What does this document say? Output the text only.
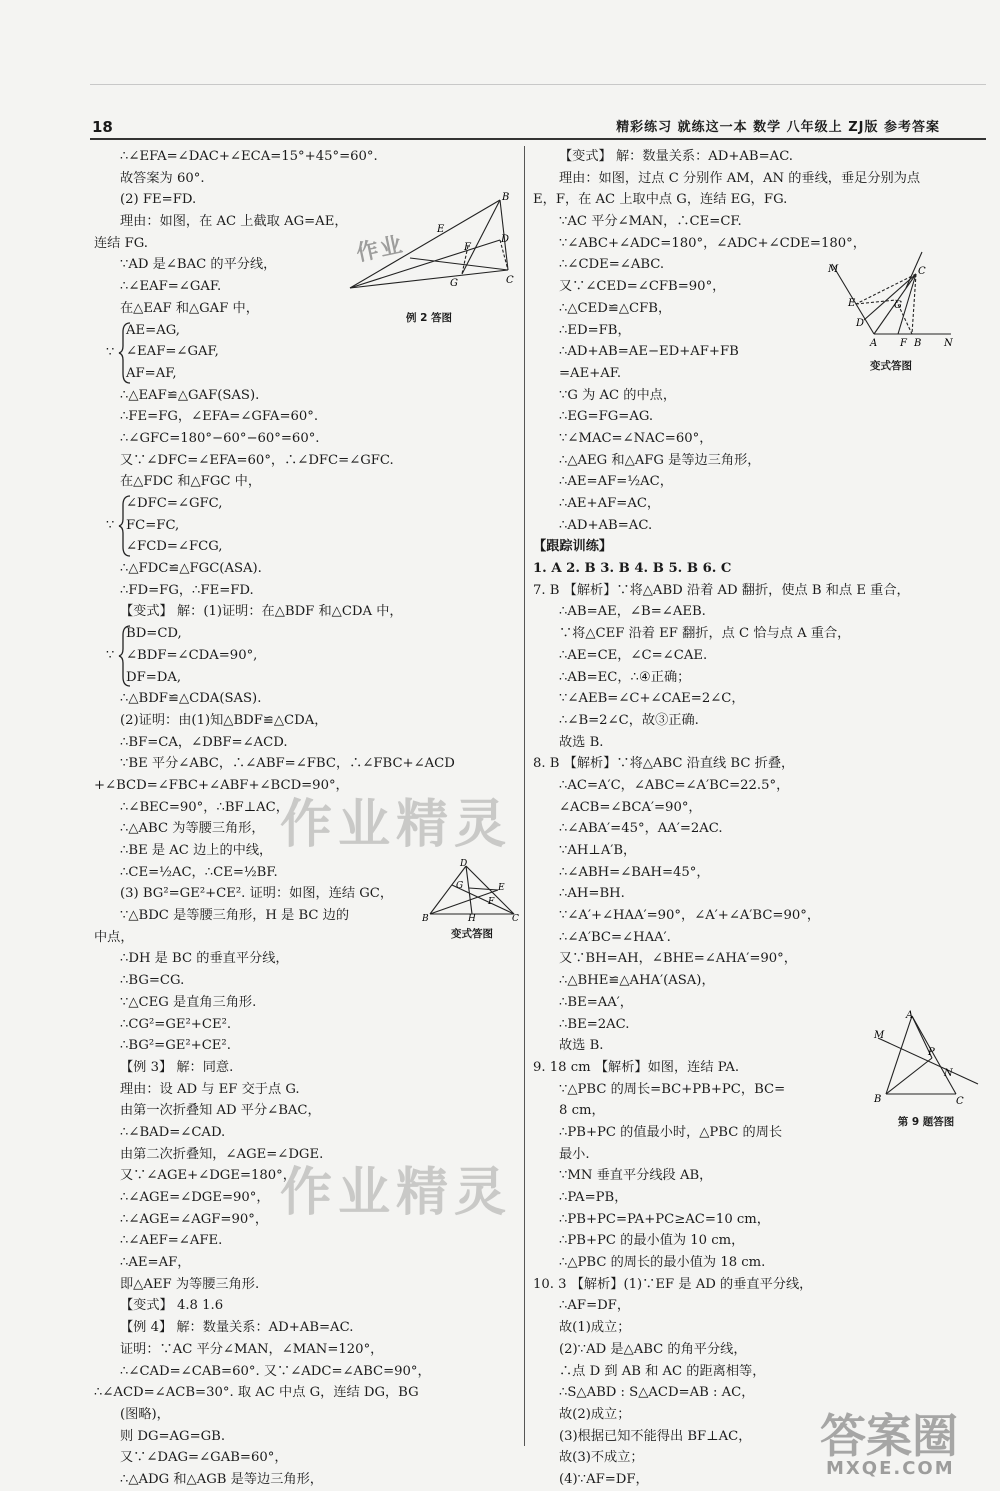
18	精彩练习 就练这一本 数学 八年级上 ZJ版 参考答案
∴∠EFA=∠DAC+∠ECA=15°+45°=60°.
故答案为 60°.
(2) FE=FD.
理由：如图，在 AC 上截取 AG=AE，
连结 FG.
∵AD 是∠BAC 的平分线，
∴∠EAF=∠GAF.
在△EAF 和△GAF 中，
∵
AE=AG,
∠EAF=∠GAF,
AF=AF,
∴△EAF≌△GAF(SAS).
∴FE=FG，∠EFA=∠GFA=60°.
∴∠GFC=180°−60°−60°=60°.
又∵∠DFC=∠EFA=60°，∴∠DFC=∠GFC.
在△FDC 和△FGC 中，
∵
∠DFC=∠GFC,
FC=FC,
∠FCD=∠FCG,
∴△FDC≌△FGC(ASA).
∴FD=FG，∴FE=FD.
【变式】 解：(1)证明：在△BDF 和△CDA 中，
∵
BD=CD,
∠BDF=∠CDA=90°,
DF=DA,
∴△BDF≌△CDA(SAS).
(2)证明：由(1)知△BDF≌△CDA，
∴BF=CA，∠DBF=∠ACD.
∵BE 平分∠ABC，∴∠ABF=∠FBC，∴∠FBC+∠ACD
+∠BCD=∠FBC+∠ABF+∠BCD=90°，
∴∠BEC=90°，∴BF⊥AC，
∴△ABC 为等腰三角形，
∴BE 是 AC 边上的中线，
∴CE=½AC，∴CE=½BF.
(3) BG²=GE²+CE². 证明：如图，连结 GC，
∵△BDC 是等腰三角形，H 是 BC 边的
中点，
∴DH 是 BC 的垂直平分线，
∴BG=CG.
∵△CEG 是直角三角形.
∴CG²=GE²+CE².
∴BG²=GE²+CE².
【例 3】 解：同意.
理由：设 AD 与 EF 交于点 G.
由第一次折叠知 AD 平分∠BAC，
∴∠BAD=∠CAD.
由第二次折叠知，∠AGE=∠DGE.
又∵∠AGE+∠DGE=180°，
∴∠AGE=∠DGE=90°，
∴∠AGE=∠AGF=90°，
∴∠AEF=∠AFE.
∴AE=AF，
即△AEF 为等腰三角形.
【变式】 4.8 1.6
【例 4】 解：数量关系：AD+AB=AC.
证明：∵AC 平分∠MAN，∠MAN=120°，
∴∠CAD=∠CAB=60°. 又∵∠ADC=∠ABC=90°，
∴∠ACD=∠ACB=30°. 取 AC 中点 G，连结 DG，BG
(图略)，
则 DG=AG=GB.
又∵∠DAG=∠GAB=60°，
∴△ADG 和△AGB 是等边三角形，
【变式】 解：数量关系：AD+AB=AC.
理由：如图，过点 C 分别作 AM，AN 的垂线，垂足分别为点
E，F，在 AC 上取中点 G，连结 EG，FG.
∵AC 平分∠MAN，∴CE=CF.
∵∠ABC+∠ADC=180°，∠ADC+∠CDE=180°，
∴∠CDE=∠ABC.
又∵∠CED=∠CFB=90°，
∴△CED≌△CFB，
∴ED=FB，
∴AD+AB=AE−ED+AF+FB
=AE+AF.
∵G 为 AC 的中点，
∴EG=FG=AG.
∵∠MAC=∠NAC=60°，
∴△AEG 和△AFG 是等边三角形，
∴AE=AF=½AC，
∴AE+AF=AC，
∴AD+AB=AC.
【跟踪训练】
1. A 2. B 3. B 4. B 5. B 6. C
7. B 【解析】∵将△ABD 沿着 AD 翻折，使点 B 和点 E 重合，
∴AB=AE，∠B=∠AEB.
∵将△CEF 沿着 EF 翻折，点 C 恰与点 A 重合，
∴AE=CE，∠C=∠CAE.
∴AB=EC，∴④正确；
∵∠AEB=∠C+∠CAE=2∠C，
∴∠B=2∠C，故③正确.
故选 B.
8. B 【解析】∵将△ABC 沿直线 BC 折叠，
∴AC=A′C，∠ABC=∠A′BC=22.5°，
∠ACB=∠BCA′=90°，
∴∠ABA′=45°，AA′=2AC.
∵AH⊥A′B，
∴∠ABH=∠BAH=45°，
∴AH=BH.
∵∠A′+∠HAA′=90°，∠A′+∠A′BC=90°，
∴∠A′BC=∠HAA′.
又∵BH=AH，∠BHE=∠AHA′=90°，
∴△BHE≌△AHA′(ASA)，
∴BE=AA′，
∴BE=2AC.
故选 B.
9. 18 cm 【解析】如图，连结 PA.
∵△PBC 的周长=BC+PB+PC，BC=
8 cm，
∴PB+PC 的值最小时，△PBC 的周长
最小.
∵MN 垂直平分线段 AB，
∴PA=PB，
∴PB+PC=PA+PC≥AC=10 cm，
∴PB+PC 的最小值为 10 cm，
∴△PBC 的周长的最小值为 18 cm.
10. 3 【解析】(1)∵EF 是 AD 的垂直平分线，
∴AF=DF，
故(1)成立；
(2)∵AD 是△ABC 的角平分线，
∴点 D 到 AB 和 AC 的距离相等，
∴S△ABD : S△ACD=AB : AC，
故(2)成立；
(3)根据已知不能得出 BF⊥AC，
故(3)不成立；
(4)∵AF=DF，
B
E
F
D
G	C
例 2 答图
M	C
E	G
D
A F B N
变式答图
D
G	E
F
B	H	C
变式答图
A
M
P
N
B	C
第 9 题答图
作业精灵
作业精灵
作业
答案圈
MXQE.COM
